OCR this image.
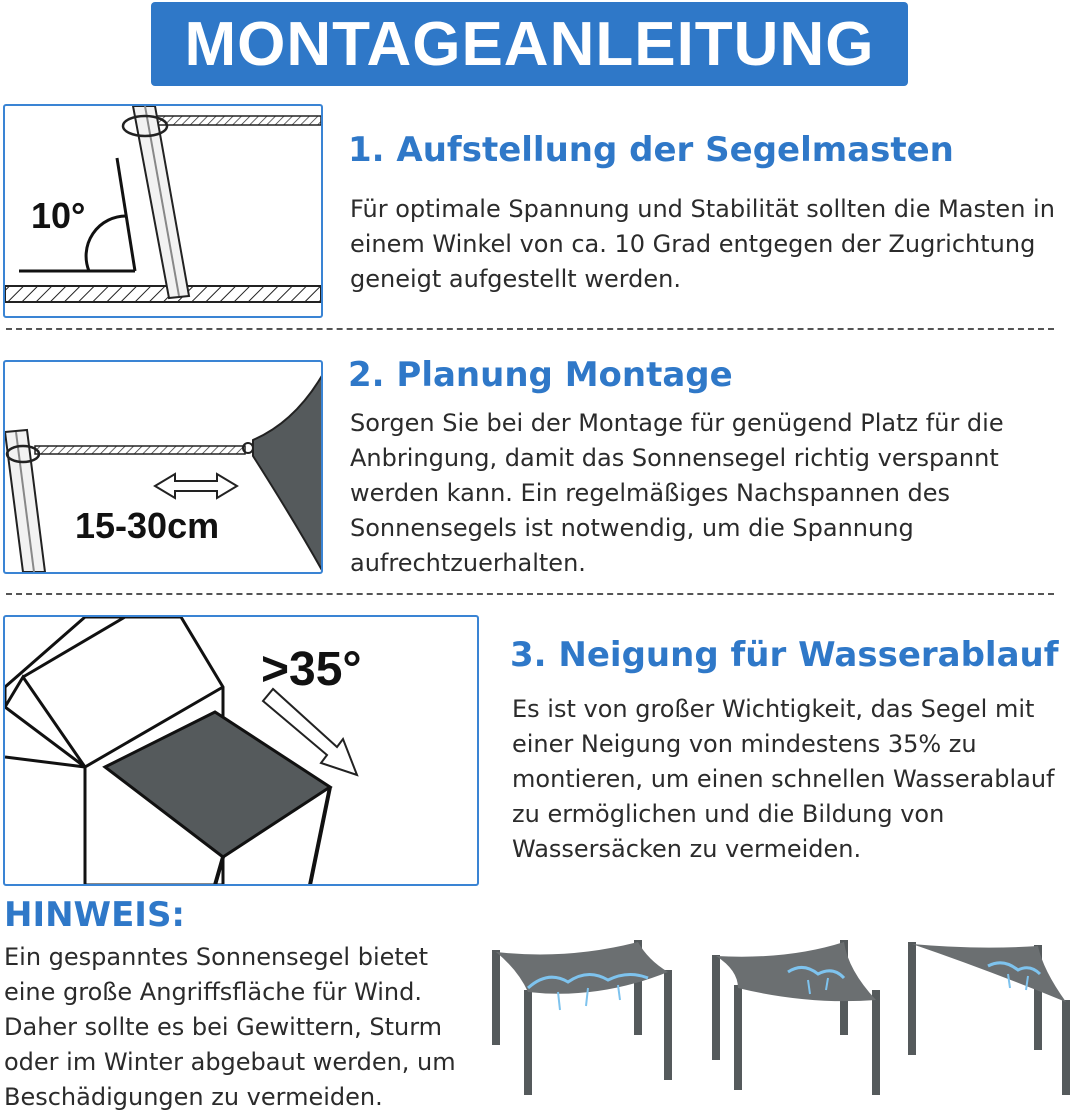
MONTAGEANLEITUNG
10°
1. Aufstellung der Segelmasten
Für optimale Spannung und Stabilität sollten die Masten in einem Winkel von ca. 10 Grad entgegen der Zugrichtung geneigt aufgestellt werden.
15-30cm
2. Planung Montage
Sorgen Sie bei der Montage für genügend Platz für die Anbringung, damit das Sonnensegel richtig verspannt werden kann. Ein regelmäßiges Nachspannen des Sonnensegels ist notwendig, um die Spannung aufrechtzuerhalten.
>35°	3. Neigung für Wasserablauf
Es ist von großer Wichtigkeit, das Segel mit einer Neigung von mindestens 35% zu montieren, um einen schnellen Wasserablauf zu ermöglichen und die Bildung von Wassersäcken zu vermeiden.
HINWEIS:
Ein gespanntes Sonnensegel bietet eine große Angriffsfläche für Wind. Daher sollte es bei Gewittern, Sturm oder im Winter abgebaut werden, um Beschädigungen zu vermeiden.
